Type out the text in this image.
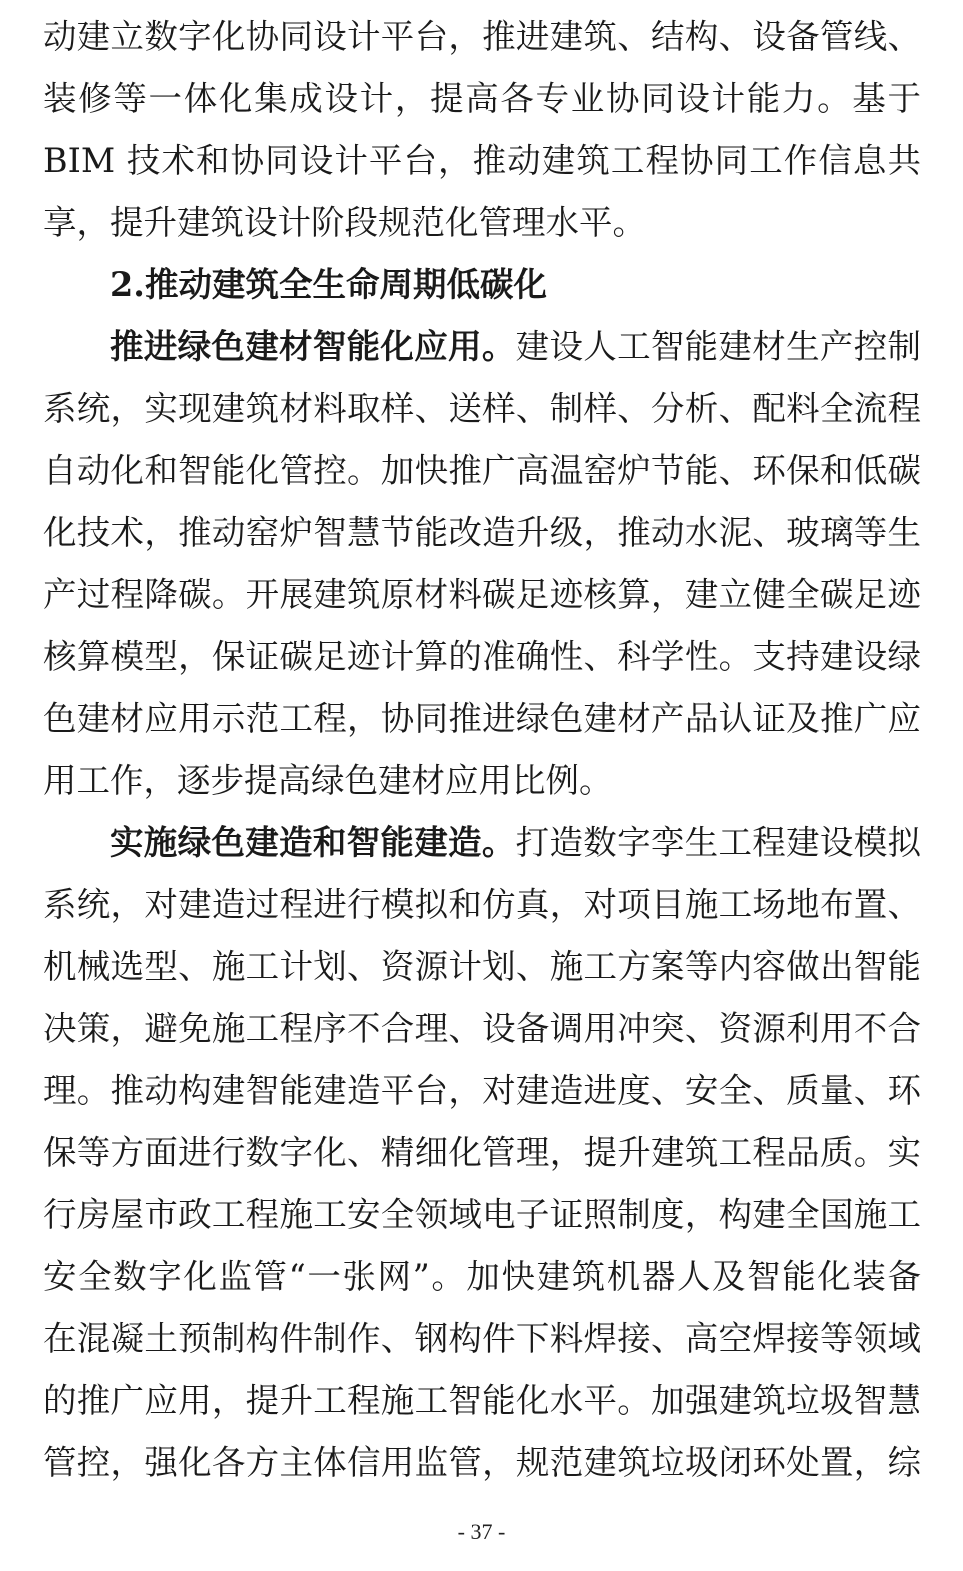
动建立数字化协同设计平台，推进建筑、结构、设备管线、
装修等一体化集成设计，提高各专业协同设计能力。基于
BIM 技术和协同设计平台，推动建筑工程协同工作信息共
享，提升建筑设计阶段规范化管理水平。
2.推动建筑全生命周期低碳化
推进绿色建材智能化应用。建设人工智能建材生产控制
系统，实现建筑材料取样、送样、制样、分析、配料全流程
自动化和智能化管控。加快推广高温窑炉节能、环保和低碳
化技术，推动窑炉智慧节能改造升级，推动水泥、玻璃等生
产过程降碳。开展建筑原材料碳足迹核算，建立健全碳足迹
核算模型，保证碳足迹计算的准确性、科学性。支持建设绿
色建材应用示范工程，协同推进绿色建材产品认证及推广应
用工作，逐步提高绿色建材应用比例。
实施绿色建造和智能建造。打造数字孪生工程建设模拟
系统，对建造过程进行模拟和仿真，对项目施工场地布置、
机械选型、施工计划、资源计划、施工方案等内容做出智能
决策，避免施工程序不合理、设备调用冲突、资源利用不合
理。推动构建智能建造平台，对建造进度、安全、质量、环
保等方面进行数字化、精细化管理，提升建筑工程品质。实
行房屋市政工程施工安全领域电子证照制度，构建全国施工
安全数字化监管“一张网”。加快建筑机器人及智能化装备
在混凝土预制构件制作、钢构件下料焊接、高空焊接等领域
的推广应用，提升工程施工智能化水平。加强建筑垃圾智慧
管控，强化各方主体信用监管，规范建筑垃圾闭环处置，综
- 37 -
